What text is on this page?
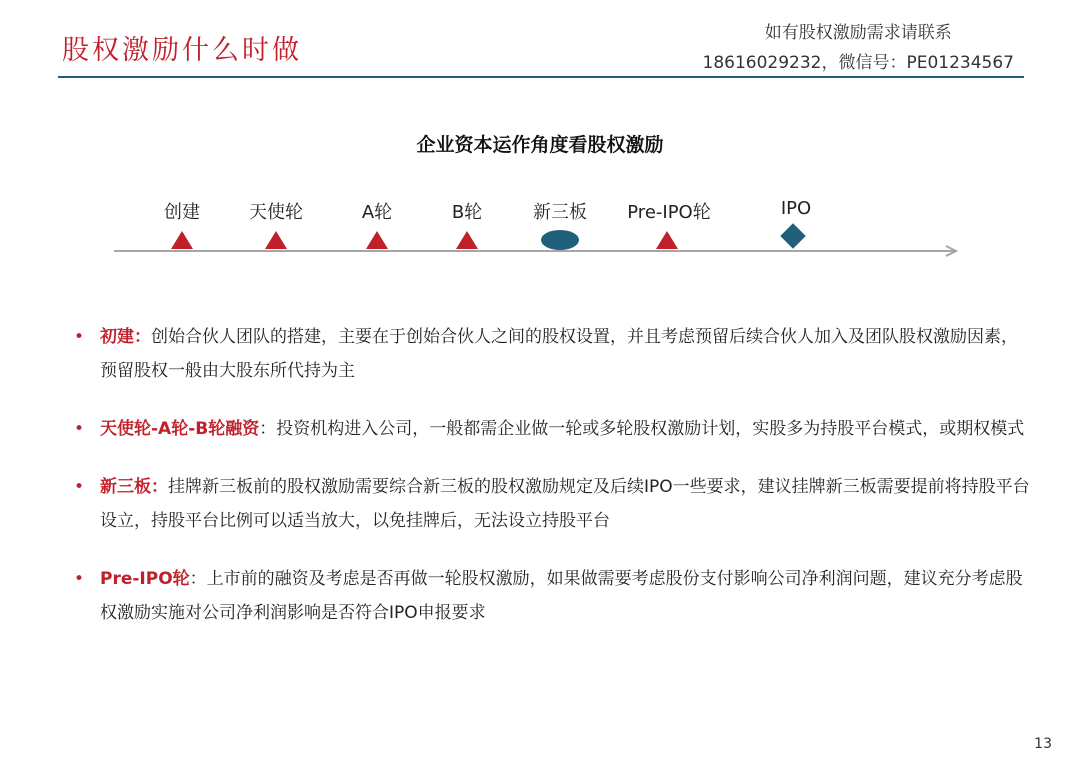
股权激励什么时做
如有股权激励需求请联系
18616029232，微信号：PE01234567
企业资本运作角度看股权激励
创建	天使轮	A轮	B轮	新三板 Pre-IPO轮	IPO
• 初建：创始合伙人团队的搭建，主要在于创始合伙人之间的股权设置，并且考虑预留后续合伙人加入及团队股权激励因素，预留股权一般由大股东所代持为主
• 天使轮-A轮-B轮融资：投资机构进入公司，一般都需企业做一轮或多轮股权激励计划，实股多为持股平台模式，或期权模式
• 新三板：挂牌新三板前的股权激励需要综合新三板的股权激励规定及后续IPO一些要求，建议挂牌新三板需要提前将持股平台设立，持股平台比例可以适当放大，以免挂牌后，无法设立持股平台
• Pre-IPO轮：上市前的融资及考虑是否再做一轮股权激励，如果做需要考虑股份支付影响公司净利润问题，建议充分考虑股权激励实施对公司净利润影响是否符合IPO申报要求
13
